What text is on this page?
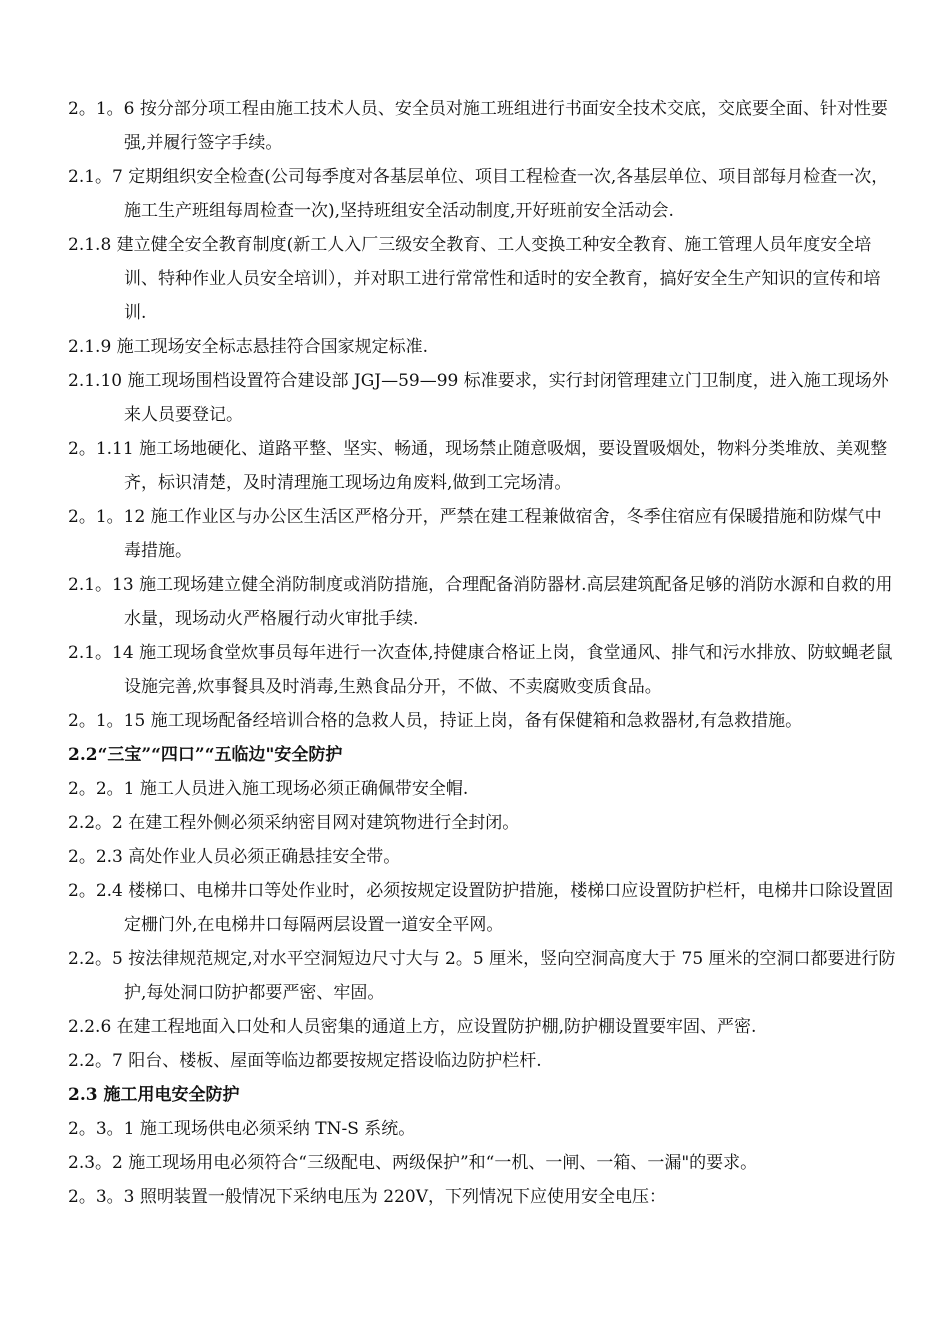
2。1。6 按分部分项工程由施工技术人员、安全员对施工班组进行书面安全技术交底，交底要全面、针对性要强,并履行签字手续。

2.1。7 定期组织安全检查(公司每季度对各基层单位、项目工程检查一次,各基层单位、项目部每月检查一次，施工生产班组每周检查一次),坚持班组安全活动制度,开好班前安全活动会.

2.1.8 建立健全安全教育制度(新工人入厂三级安全教育、工人变换工种安全教育、施工管理人员年度安全培训、特种作业人员安全培训），并对职工进行常常性和适时的安全教育，搞好安全生产知识的宣传和培训.

2.1.9 施工现场安全标志悬挂符合国家规定标准.

2.1.10 施工现场围档设置符合建设部 JGJ—59—99 标准要求，实行封闭管理建立门卫制度，进入施工现场外来人员要登记。

2。1.11 施工场地硬化、道路平整、坚实、畅通，现场禁止随意吸烟，要设置吸烟处，物料分类堆放、美观整齐，标识清楚，及时清理施工现场边角废料,做到工完场清。

2。1。12 施工作业区与办公区生活区严格分开，严禁在建工程兼做宿舍，冬季住宿应有保暖措施和防煤气中毒措施。

2.1。13 施工现场建立健全消防制度或消防措施，合理配备消防器材.高层建筑配备足够的消防水源和自救的用水量，现场动火严格履行动火审批手续.

2.1。14 施工现场食堂炊事员每年进行一次查体,持健康合格证上岗，食堂通风、排气和污水排放、防蚊蝇老鼠设施完善,炊事餐具及时消毒,生熟食品分开，不做、不卖腐败变质食品。

2。1。15 施工现场配备经培训合格的急救人员，持证上岗，备有保健箱和急救器材,有急救措施。

2.2“三宝”“四口”“五临边"安全防护

2。2。1 施工人员进入施工现场必须正确佩带安全帽.

2.2。2 在建工程外侧必须采纳密目网对建筑物进行全封闭。

2。2.3 高处作业人员必须正确悬挂安全带。

2。2.4 楼梯口、电梯井口等处作业时，必须按规定设置防护措施，楼梯口应设置防护栏杆，电梯井口除设置固定栅门外,在电梯井口每隔两层设置一道安全平网。

2.2。5 按法律规范规定,对水平空洞短边尺寸大与 2。5 厘米，竖向空洞高度大于 75 厘米的空洞口都要进行防护,每处洞口防护都要严密、牢固。

2.2.6 在建工程地面入口处和人员密集的通道上方，应设置防护棚,防护棚设置要牢固、严密.

2.2。7 阳台、楼板、屋面等临边都要按规定搭设临边防护栏杆.

2.3 施工用电安全防护

2。3。1 施工现场供电必须采纳 TN-S 系统。

2.3。2 施工现场用电必须符合“三级配电、两级保护”和“一机、一闸、一箱、一漏"的要求。

2。3。3 照明装置一般情况下采纳电压为 220V，下列情况下应使用安全电压：
